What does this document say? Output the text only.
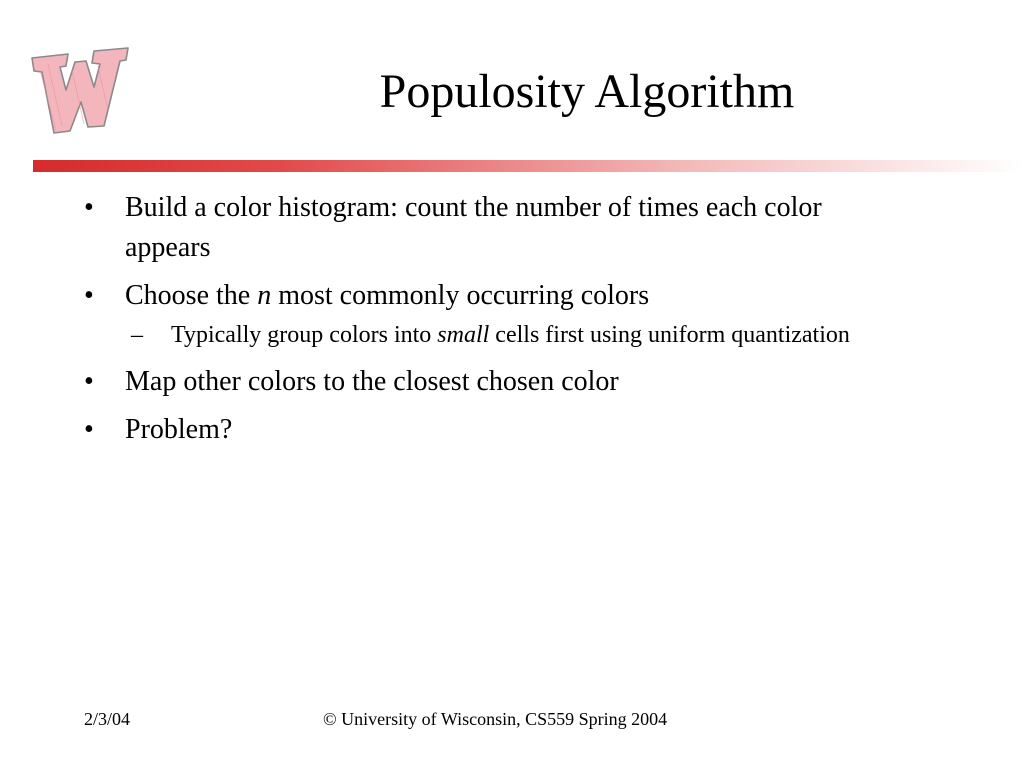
Populosity Algorithm
• Build a color histogram: count the number of times each color appears
• Choose the n most commonly occurring colors
– Typically group colors into small cells first using uniform quantization
• Map other colors to the closest chosen color
• Problem?
2/3/04	© University of Wisconsin, CS559 Spring 2004
